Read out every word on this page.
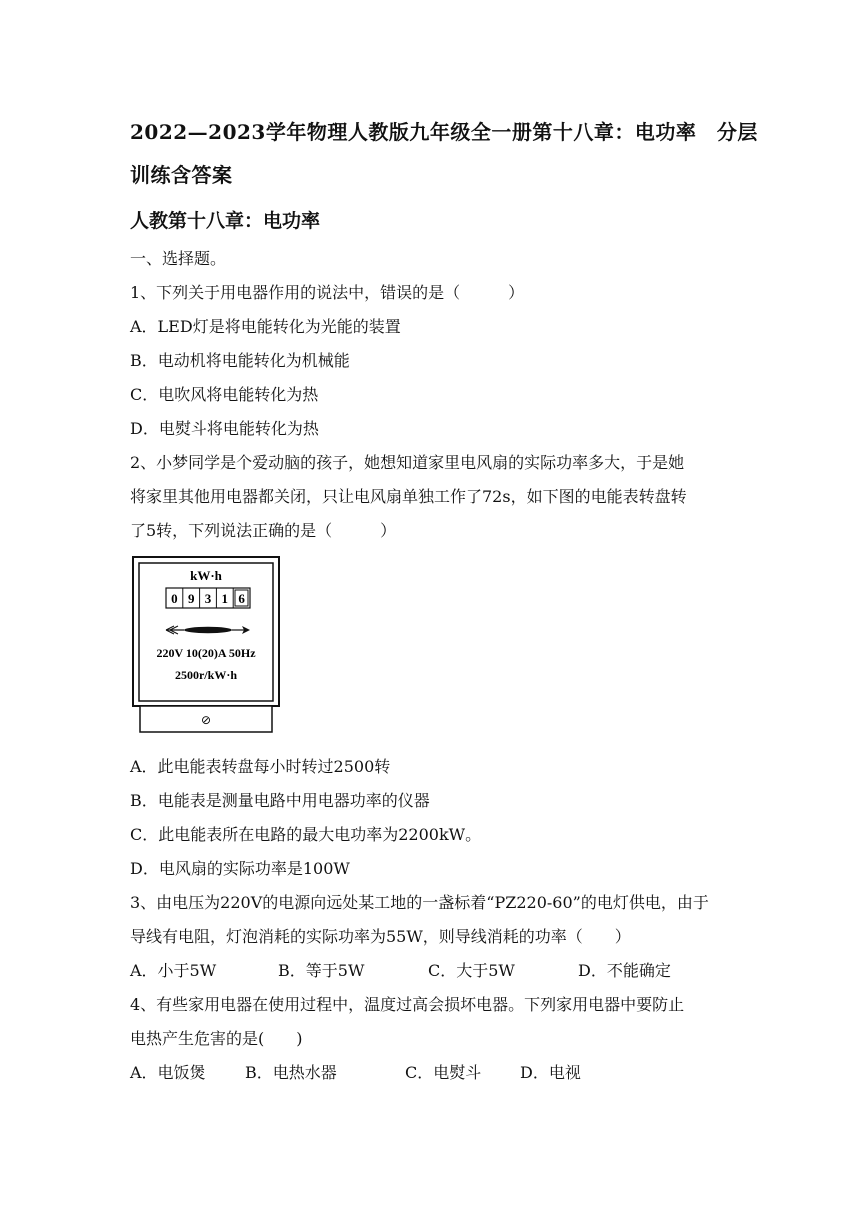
2022—2023学年物理人教版九年级全一册第十八章：电功率　分层
训练含答案
人教第十八章：电功率
一、选择题。
1、下列关于用电器作用的说法中，错误的是（　　　）
A．LED灯是将电能转化为光能的装置
B．电动机将电能转化为机械能
C．电吹风将电能转化为热
D．电熨斗将电能转化为热
2、小梦同学是个爱动脑的孩子，她想知道家里电风扇的实际功率多大，于是她
将家里其他用电器都关闭，只让电风扇单独工作了72s，如下图的电能表转盘转
了5转，下列说法正确的是（　　　）
kW·h
0 9 3 1 6
220V 10(20)A 50Hz
2500r/kW·h
⊘
A．此电能表转盘每小时转过2500转
B．电能表是测量电路中用电器功率的仪器
C．此电能表所在电路的最大电功率为2200kW。
D．电风扇的实际功率是100W
3、由电压为220V的电源向远处某工地的一盏标着“PZ220-60”的电灯供电，由于
导线有电阻，灯泡消耗的实际功率为55W，则导线消耗的功率（　　）
A．小于5W	B．等于5W	C．大于5W	D．不能确定
4、有些家用电器在使用过程中，温度过高会损坏电器。下列家用电器中要防止
电热产生危害的是(　　)
A．电饭煲 B．电热水器	C．电熨斗 D．电视
